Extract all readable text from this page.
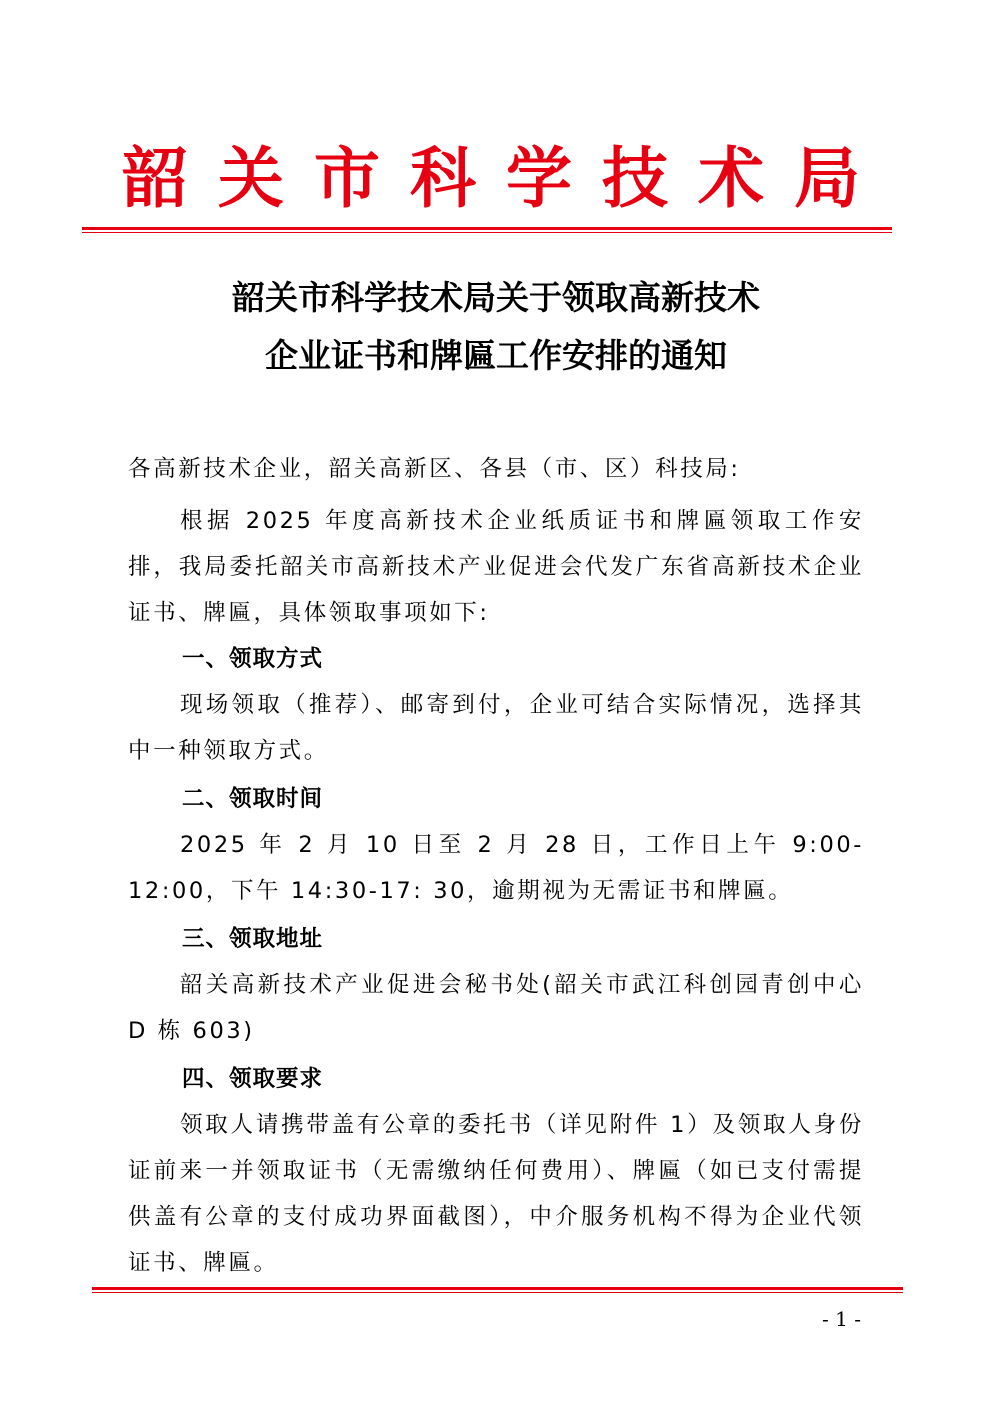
韶关市科学技术局
韶关市科学技术局关于领取高新技术
企业证书和牌匾工作安排的通知
各高新技术企业，韶关高新区、各县（市、区）科技局:
根据 2025 年度高新技术企业纸质证书和牌匾领取工作安排，我局委托韶关市高新技术产业促进会代发广东省高新技术企业证书、牌匾，具体领取事项如下:
一、领取方式
现场领取（推荐）、邮寄到付，企业可结合实际情况，选择其中一种领取方式。
二、领取时间
2025 年 2 月 10 日至 2 月 28 日，工作日上午 9:00-12:00，下午 14:30-17: 30，逾期视为无需证书和牌匾。
三、领取地址
韶关高新技术产业促进会秘书处(韶关市武江科创园青创中心 D 栋 603)
四、领取要求
领取人请携带盖有公章的委托书（详见附件 1）及领取人身份证前来一并领取证书（无需缴纳任何费用）、牌匾（如已支付需提供盖有公章的支付成功界面截图），中介服务机构不得为企业代领证书、牌匾。
- 1 -
